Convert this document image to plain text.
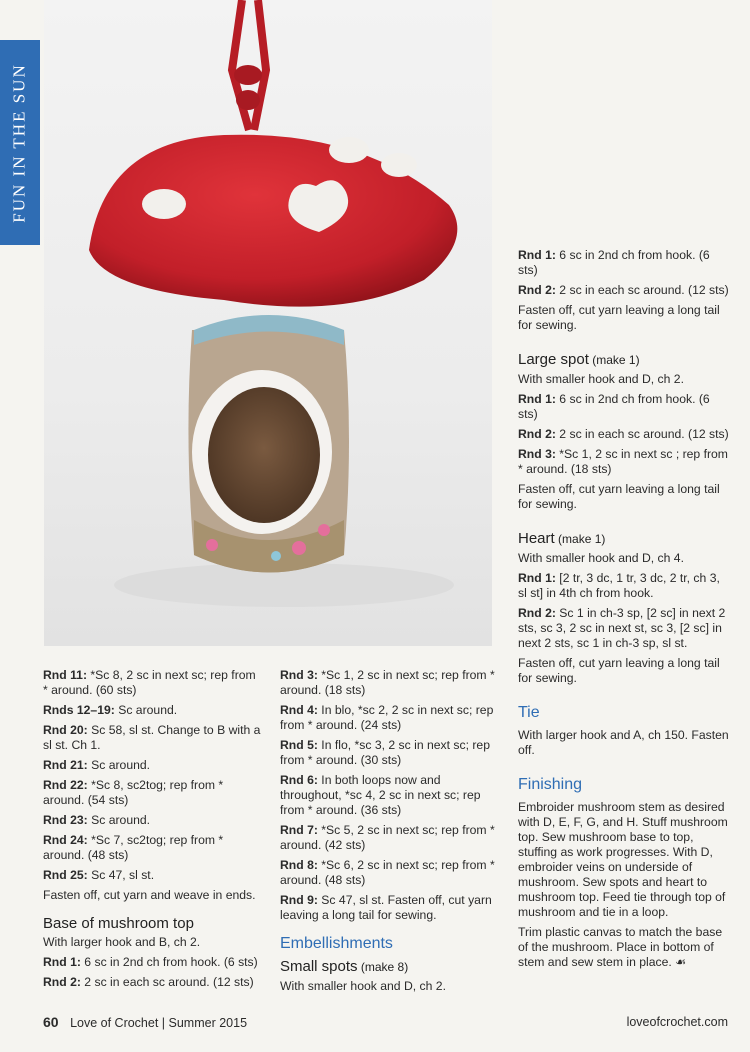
FUN IN THE SUN

Rnd 11: *Sc 8, 2 sc in next sc; rep from * around. (60 sts)

Rnds 12–19: Sc around.

Rnd 20: Sc 58, sl st. Change to B with a sl st. Ch 1.

Rnd 21: Sc around.

Rnd 22: *Sc 8, sc2tog; rep from * around. (54 sts)

Rnd 23: Sc around.

Rnd 24: *Sc 7, sc2tog; rep from * around. (48 sts)

Rnd 25: Sc 47, sl st.

Fasten off, cut yarn and weave in ends.

Base of mushroom top

With larger hook and B, ch 2.

Rnd 1: 6 sc in 2nd ch from hook. (6 sts)

Rnd 2: 2 sc in each sc around. (12 sts)

Rnd 3: *Sc 1, 2 sc in next sc; rep from * around. (18 sts)

Rnd 4: In blo, *sc 2, 2 sc in next sc; rep from * around. (24 sts)

Rnd 5: In flo, *sc 3, 2 sc in next sc; rep from * around. (30 sts)

Rnd 6: In both loops now and throughout, *sc 4, 2 sc in next sc; rep from * around. (36 sts)

Rnd 7: *Sc 5, 2 sc in next sc; rep from * around. (42 sts)

Rnd 8: *Sc 6, 2 sc in next sc; rep from * around. (48 sts)

Rnd 9: Sc 47, sl st. Fasten off, cut yarn leaving a long tail for sewing.

Embellishments
Small spots (make 8)

With smaller hook and D, ch 2.

Rnd 1: 6 sc in 2nd ch from hook. (6 sts)

Rnd 2: 2 sc in each sc around. (12 sts)

Fasten off, cut yarn leaving a long tail for sewing.

Large spot (make 1)

With smaller hook and D, ch 2.

Rnd 1: 6 sc in 2nd ch from hook. (6 sts)

Rnd 2: 2 sc in each sc around. (12 sts)

Rnd 3: *Sc 1, 2 sc in next sc ; rep from * around. (18 sts)

Fasten off, cut yarn leaving a long tail for sewing.

Heart (make 1)

With smaller hook and D, ch 4.

Rnd 1: [2 tr, 3 dc, 1 tr, 3 dc, 2 tr, ch 3, sl st] in 4th ch from hook.

Rnd 2: Sc 1 in ch-3 sp, [2 sc] in next 2 sts, sc 3, 2 sc in next st, sc 3, [2 sc] in next 2 sts, sc 1 in ch-3 sp, sl st.

Fasten off, cut yarn leaving a long tail for sewing.

Tie

With larger hook and A, ch 150. Fasten off.

Finishing

Embroider mushroom stem as desired with D, E, F, G, and H. Stuff mushroom top. Sew mushroom base to top, stuffing as work progresses. With D, embroider veins on underside of mushroom. Sew spots and heart to mushroom top. Feed tie through top of mushroom and tie in a loop.

Trim plastic canvas to match the base of the mushroom. Place in bottom of stem and sew stem in place. ☙

60 Love of Crochet | Summer 2015	loveofcrochet.com
